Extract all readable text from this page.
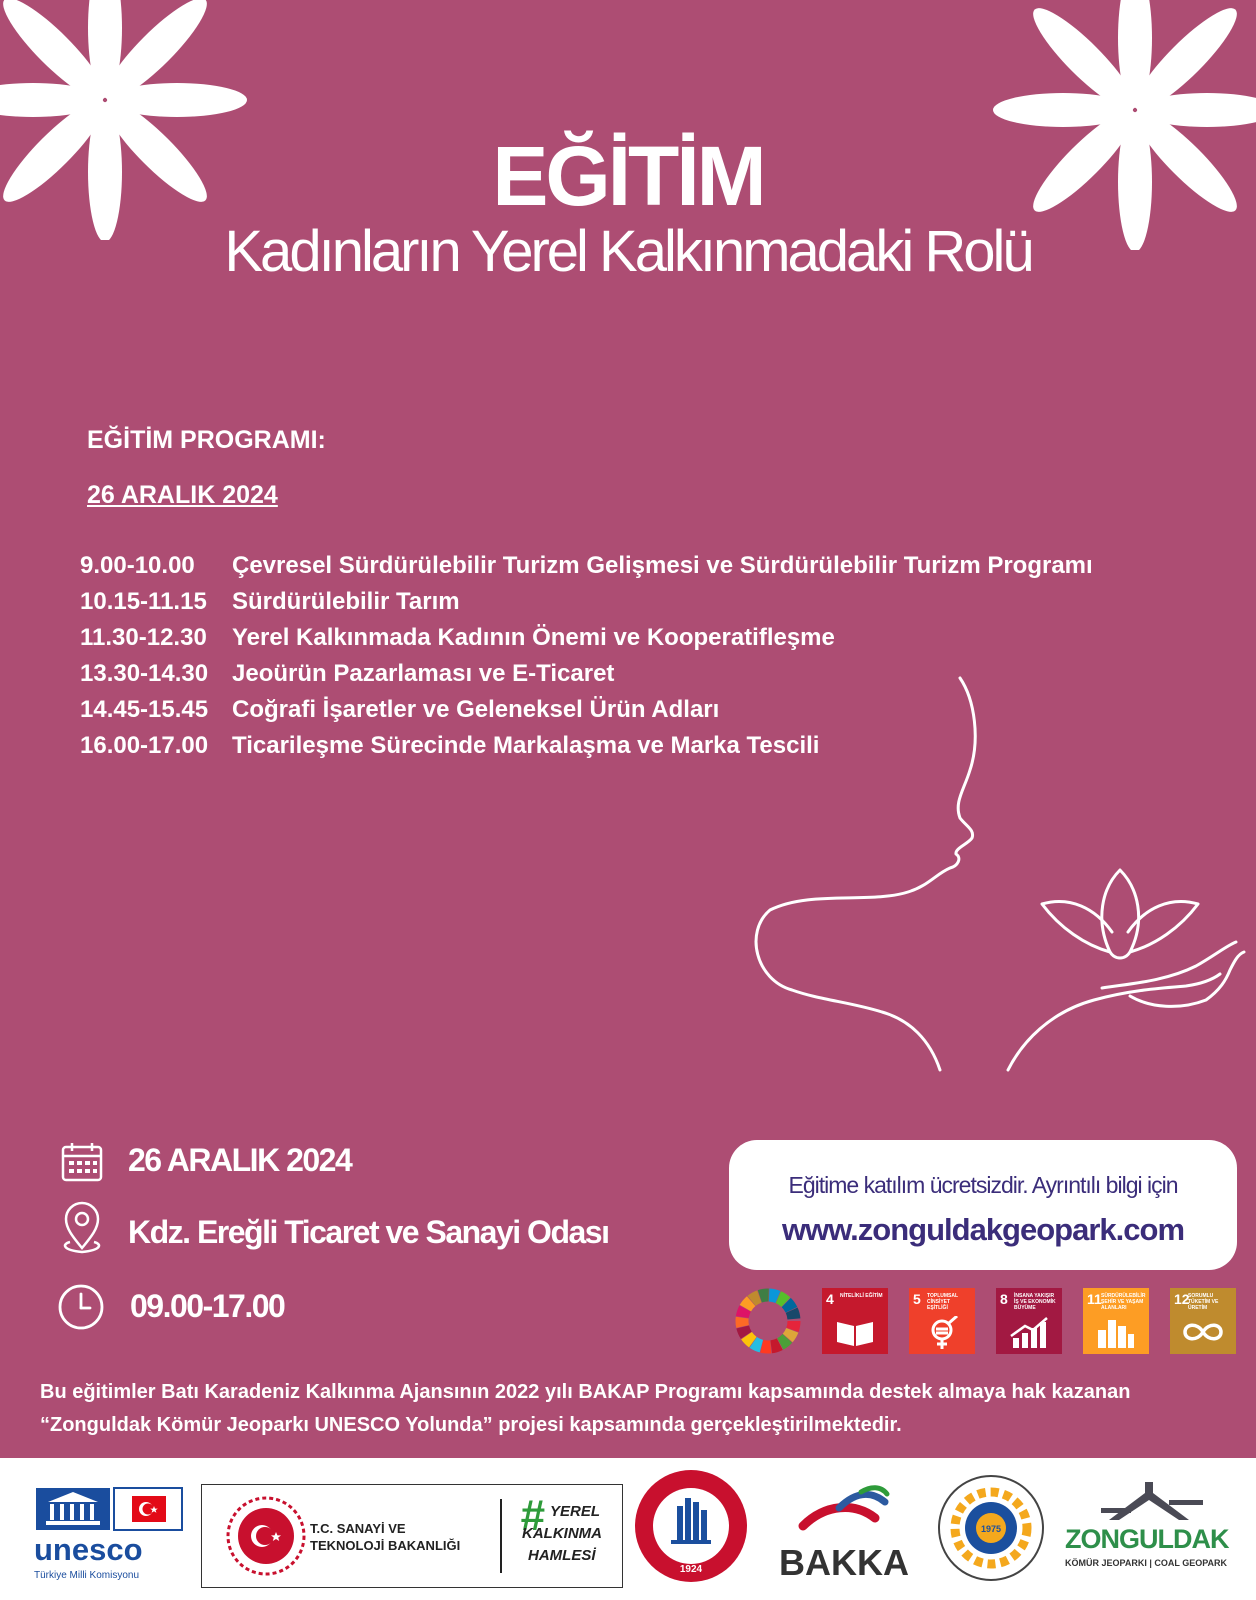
EĞİTİM
Kadınların Yerel Kalkınmadaki Rolü
EĞİTİM PROGRAMI:
26 ARALIK 2024
9.00-10.00	Çevresel Sürdürülebilir Turizm Gelişmesi ve Sürdürülebilir Turizm Programı
10.15-11.15	Sürdürülebilir Tarım
11.30-12.30	Yerel Kalkınmada Kadının Önemi ve Kooperatifleşme
13.30-14.30 Jeoürün Pazarlaması ve E-Ticaret
14.45-15.45 Coğrafi İşaretler ve Geleneksel Ürün Adları
16.00-17.00 Ticarileşme Sürecinde Markalaşma ve Marka Tescili
26 ARALIK 2024
Kdz. Ereğli Ticaret ve Sanayi Odası
09.00-17.00
Eğitime katılım ücretsizdir. Ayrıntılı bilgi için
www.zonguldakgeopark.com
4 NİTELİKLİ EĞİTİM 5 TOPLUMSAL CİNSİYET EŞİTLİĞİ
8 İNSANA YAKIŞIR İŞ VE EKONOMİK BÜYÜME
11 SÜRDÜRÜLEBİLİR ŞEHİR VE YAŞAM ALANLARI
12
SORUMLU TÜKETİM VE ÜRETİM
Bu eğitimler Batı Karadeniz Kalkınma Ajansının 2022 yılı BAKAP Programı kapsamında destek almaya hak kazanan “Zonguldak Kömür Jeoparkı UNESCO Yolunda” projesi kapsamında gerçekleştirilmektedir.
unesco
Türkiye Milli Komisyonu
T.C. SANAYİ VE
TEKNOLOJİ BAKANLIĞI
# YEREL
KALKINMA
HAMLESİ
1924 BAKKA
1975 ZONGULDAK
KÖMÜR JEOPARKI | COAL GEOPARK
